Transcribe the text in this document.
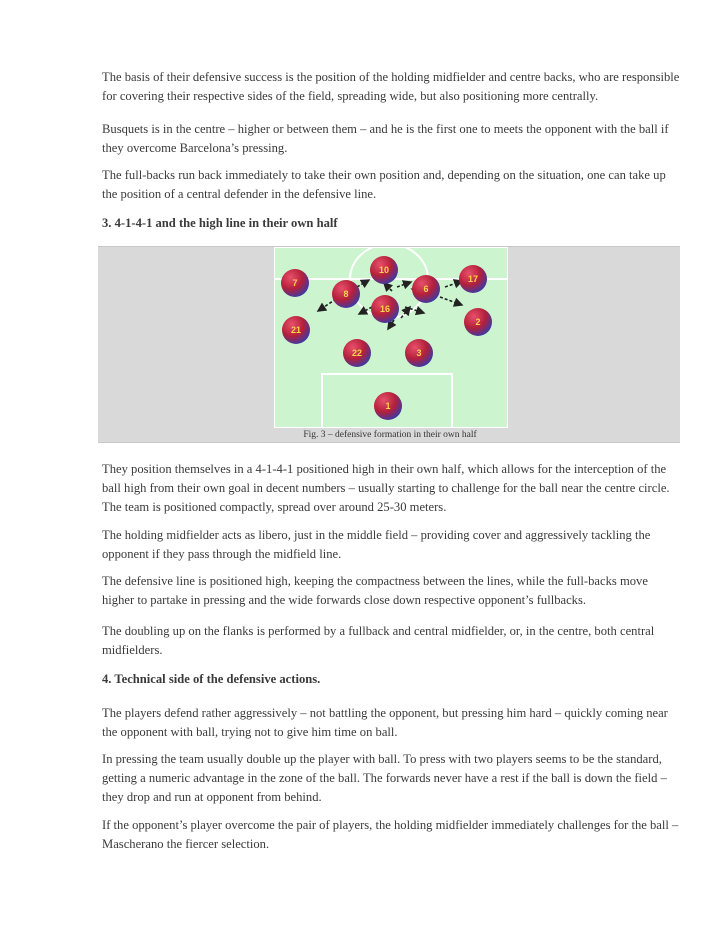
The basis of their defensive success is the position of the holding midfielder and centre backs, who are responsible for covering their respective sides of the field, spreading wide, but also positioning more centrally.

Busquets is in the centre – higher or between them – and he is the first one to meets the opponent with the ball if they overcome Barcelona’s pressing.

The full-backs run back immediately to take their own position and, depending on the situation, one can take up the position of a central defender in the defensive line.

3. 4-1-4-1 and the high line in their own half

They position themselves in a 4-1-4-1 positioned high in their own half, which allows for the interception of the ball high from their own goal in decent numbers – usually starting to challenge for the ball near the centre circle. The team is positioned compactly, spread over around 25-30 meters.

The holding midfielder acts as libero, just in the middle field – providing cover and aggressively tackling the opponent if they pass through the midfield line.

The defensive line is positioned high, keeping the compactness between the lines, while the full-backs move higher to partake in pressing and the wide forwards close down respective opponent’s fullbacks.

The doubling up on the flanks is performed by a fullback and central midfielder, or, in the centre, both central midfielders.

4. Technical side of the defensive actions.

The players defend rather aggressively – not battling the opponent, but pressing him hard – quickly coming near the opponent with ball, trying not to give him time on ball.

In pressing the team usually double up the player with ball. To press with two players seems to be the standard, getting a numeric advantage in the zone of the ball. The forwards never have a rest if the ball is down the field – they drop and run at opponent from behind.

If the opponent’s player overcome the pair of players, the holding midfielder immediately challenges for the ball – Mascherano the fiercer selection.

7
8
10
6
17
16
21
2
22	3
1
Fig. 3 – defensive formation in their own half
